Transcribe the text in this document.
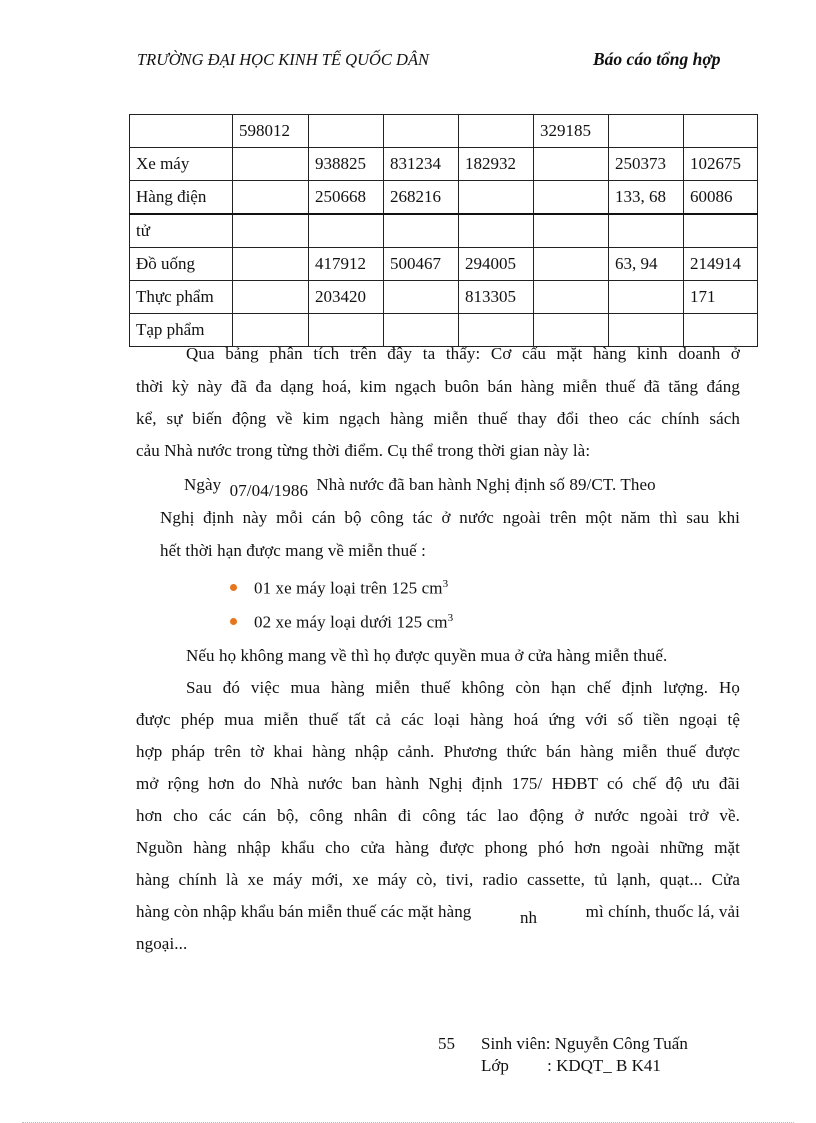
TRƯỜNG ĐẠI HỌC KINH TẾ QUỐC DÂN	Báo cáo tổng hợp
	598012				329185		
Xe máy		938825	831234	182932		250373	102675
Hàng điện		250668	268216			133, 68	60086
tử							
Đồ uống		417912	500467	294005		63, 94	214914
Thực phẩm		203420		813305			171
Tạp phẩm							
Qua bảng phân tích trên đây ta thấy: Cơ cấu mặt hàng kinh doanh ở
thời kỳ này đã đa dạng hoá, kim ngạch buôn bán hàng miễn thuế đã tăng đáng
kể, sự biến động về kim ngạch hàng miễn thuế thay đổi theo các chính sách
cảu Nhà nước trong từng thời điểm. Cụ thể trong thời gian này là:
Ngày 07/04/1986 Nhà nước đã ban hành Nghị định số 89/CT. Theo
Nghị định này mỗi cán bộ công tác ở nước ngoài trên một năm thì sau khi
hết thời hạn được mang về miễn thuế :
01 xe máy loại trên 125 $cm^3$
02 xe máy loại dưới 125 $cm^3$
Nếu họ không mang về thì họ được quyền mua ở cửa hàng miễn thuế.
Sau đó việc mua hàng miễn thuế không còn hạn chế định lượng. Họ
được phép mua miễn thuế tất cả các loại hàng hoá ứng với số tiền ngoại tệ
hợp pháp trên tờ khai hàng nhập cảnh. Phương thức bán hàng miễn thuế được
mở rộng hơn do Nhà nước ban hành Nghị định 175/ HĐBT có chế độ ưu đãi
hơn cho các cán bộ, công nhân đi công tác lao động ở nước ngoài trở về.
Nguồn hàng nhập khẩu cho cửa hàng được phong phó hơn ngoài những mặt
hàng chính là xe máy mới, xe máy cò, tivi, radio cassette, tủ lạnh, quạt... Cửa
hàng còn nhập khẩu bán miễn thuế các mặt hàng	nh	mì chính, thuốc lá, vải
ngoại...
55 Sinh viên: Nguyễn Công Tuấn
Lớp         : KDQT_ B K41
